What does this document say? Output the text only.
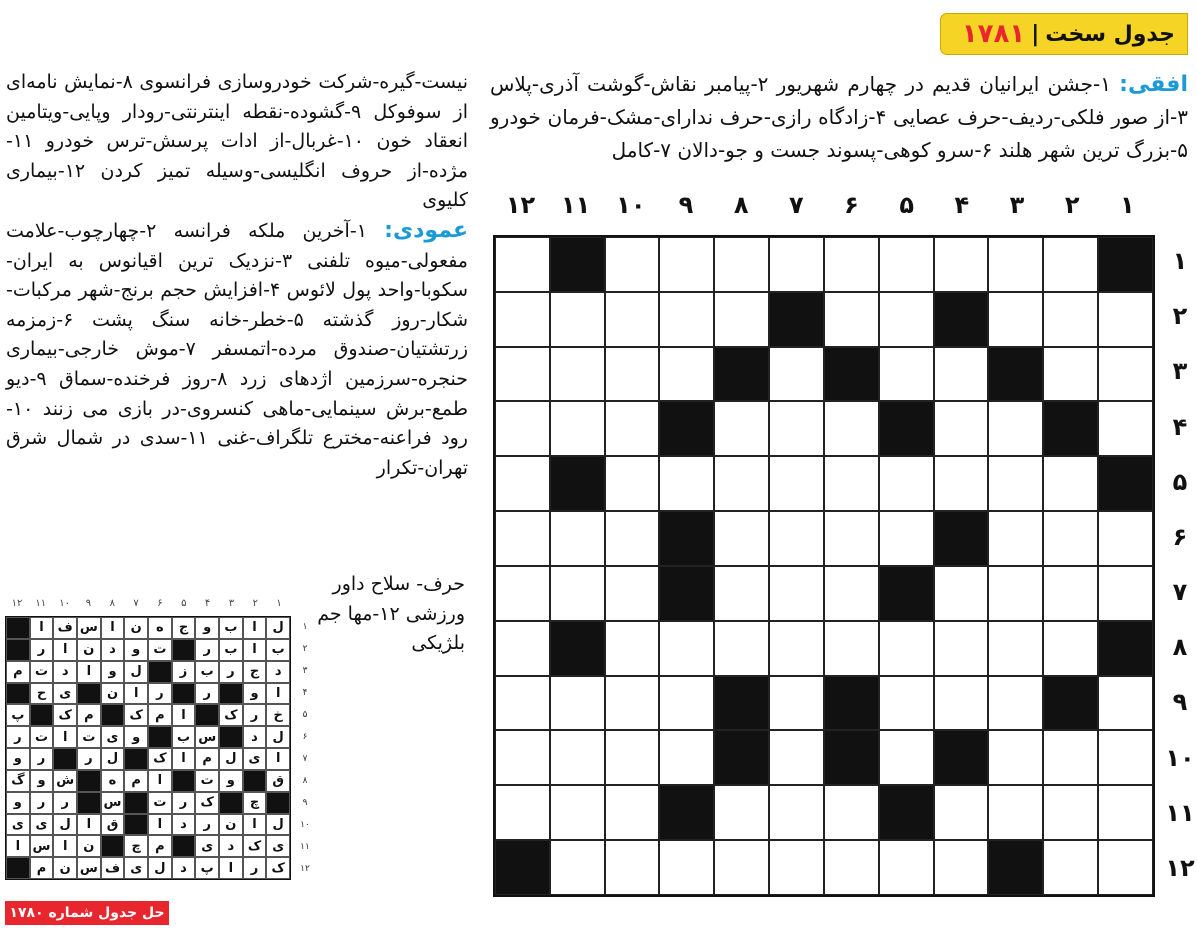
جدول سخت
|
۱۷۸۱
افقی: ۱-جشن ایرانیان قدیم در چهارم شهریور ۲-پیامبر نقاش-گوشت آذری-پلاس ۳-از صور فلکی-ردیف-حرف عصایی ۴-زادگاه رازی-حرف ندارای-مشک-فرمان خودرو ۵-بزرگ ترین شهر هلند ۶-سرو کوهی-پسوند جست و جو-دالان ۷-کامل
نیست-گیره-شرکت خودروسازی فرانسوی ۸-نمایش نامه‌ای از سوفوکل ۹-گشوده-نقطه اینترنتی-رودار وپایی-ویتامین انعقاد خون ۱۰-غربال-از ادات پرسش-ترس خودرو ۱۱-مژده-از حروف انگلیسی-وسیله تمیز کردن ۱۲-بیماری کلیوی
عمودی: ۱-آخرین ملکه فرانسه ۲-چهارچوب-علامت مفعولی-میوه تلفنی ۳-نزدیک ترین اقیانوس به ایران-سکوبا-واحد پول لائوس ۴-افزایش حجم برنج-شهر مرکبات-شکار-روز گذشته ۵-خطر-خانه سنگ پشت ۶-زمزمه زرتشتیان-صندوق مرده-اتمسفر ۷-موش خارجی-بیماری حنجره-سرزمین اژدهای زرد ۸-روز فرخنده-سماق ۹-دیو طمع-برش سینمایی-ماهی کنسروی-در بازی می زنند ۱۰-رود فراعنه-مخترع تلگراف-غنی ۱۱-سدی در شمال شرق تهران-تکرار
حرف- سلاح داور ورزشی ۱۲-مها جم بلژیکی
۱
۲
۳
۴
۵
۶
۷
۸
۹
۱۰
۱۱
۱۲
۱
۲
۳
۴
۵
۶
۷
۸
۹
۱۰
۱۱
۱۲
۱
۲
۳
۴
۵
۶
۷
۸
۹
۱۰
۱۱
۱۲
۱
۲
۳
۴
۵
۶
۷
۸
۹
۱۰
۱۱
۱۲
ل
ا
ب
و
ج
ه
ن
ا
س
ف
ا
ب
ا
ب
ر
ت
و
د
ن
ا
ر
د
ج
ر
ب
ز
ل
و
ا
د
ت
م
ا
و
ر
ر
ا
ن
ی
ح
خ
ر
ک
ا
م
ک
م
ک
پ
ل
د
س
ب
و
ی
ت
ا
ت
ر
ا
ی
ل
م
ا
ک
ل
ر
ر
و
ق
و
ت
ا
م
ه
ش
و
گ
چ
ک
ر
ت
س
ر
ر
و
ل
ا
ن
ر
د
ا
ق
ا
ل
ی
ی
ی
ک
د
ی
م
چ
ن
ا
س
ا
ک
ر
ا
پ
د
ل
ی
ف
س
ن
م
حل جدول شماره ۱۷۸۰
